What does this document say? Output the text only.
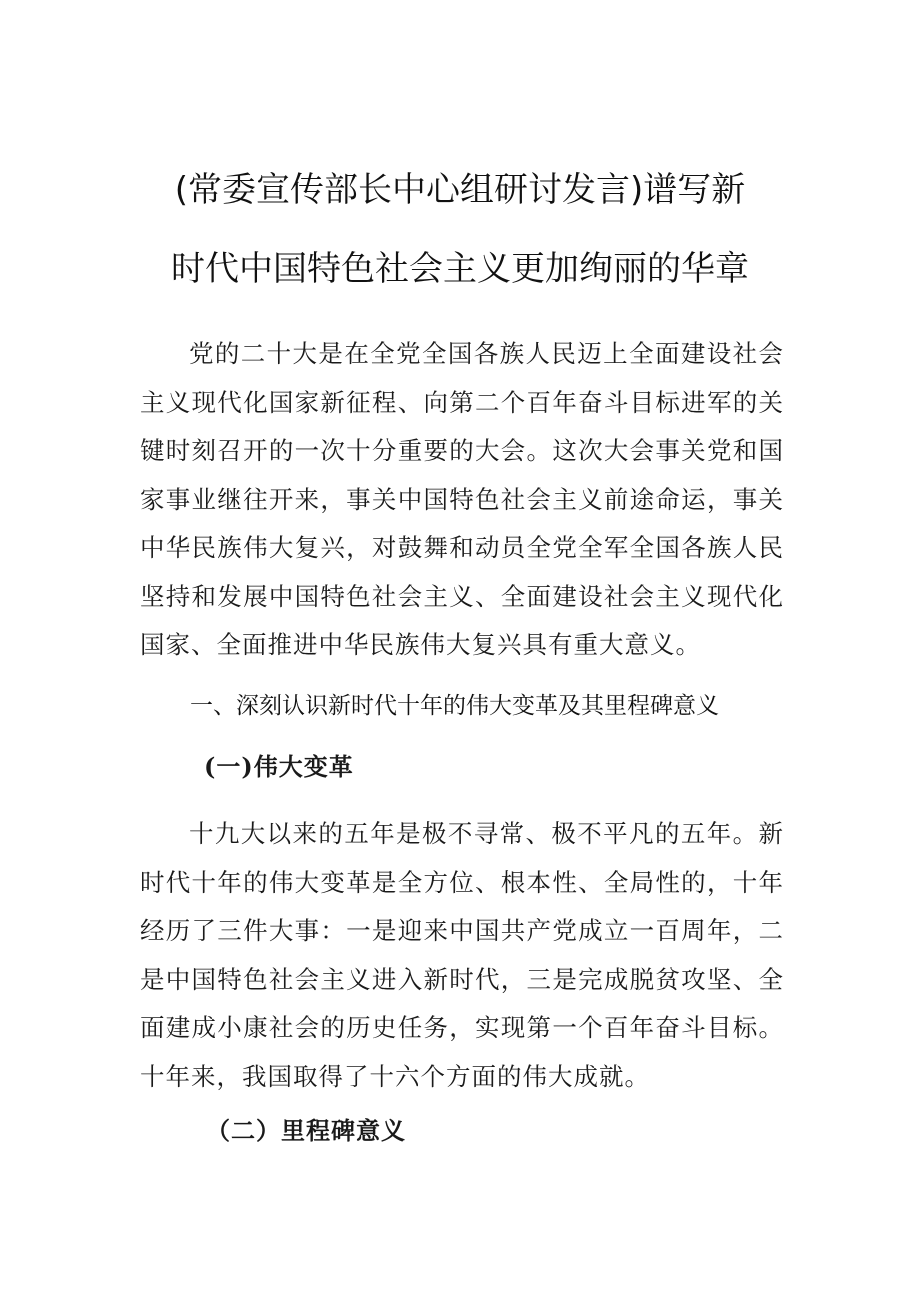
(常委宣传部长中心组研讨发言)谱写新
时代中国特色社会主义更加绚丽的华章

党的二十大是在全党全国各族人民迈上全面建设社会主义现代化国家新征程、向第二个百年奋斗目标进军的关键时刻召开的一次十分重要的大会。这次大会事关党和国家事业继往开来，事关中国特色社会主义前途命运，事关中华民族伟大复兴，对鼓舞和动员全党全军全国各族人民坚持和发展中国特色社会主义、全面建设社会主义现代化国家、全面推进中华民族伟大复兴具有重大意义。

一、深刻认识新时代十年的伟大变革及其里程碑意义
(一)伟大变革

十九大以来的五年是极不寻常、极不平凡的五年。新时代十年的伟大变革是全方位、根本性、全局性的，十年经历了三件大事：一是迎来中国共产党成立一百周年，二是中国特色社会主义进入新时代，三是完成脱贫攻坚、全面建成小康社会的历史任务，实现第一个百年奋斗目标。十年来，我国取得了十六个方面的伟大成就。

（二）里程碑意义
